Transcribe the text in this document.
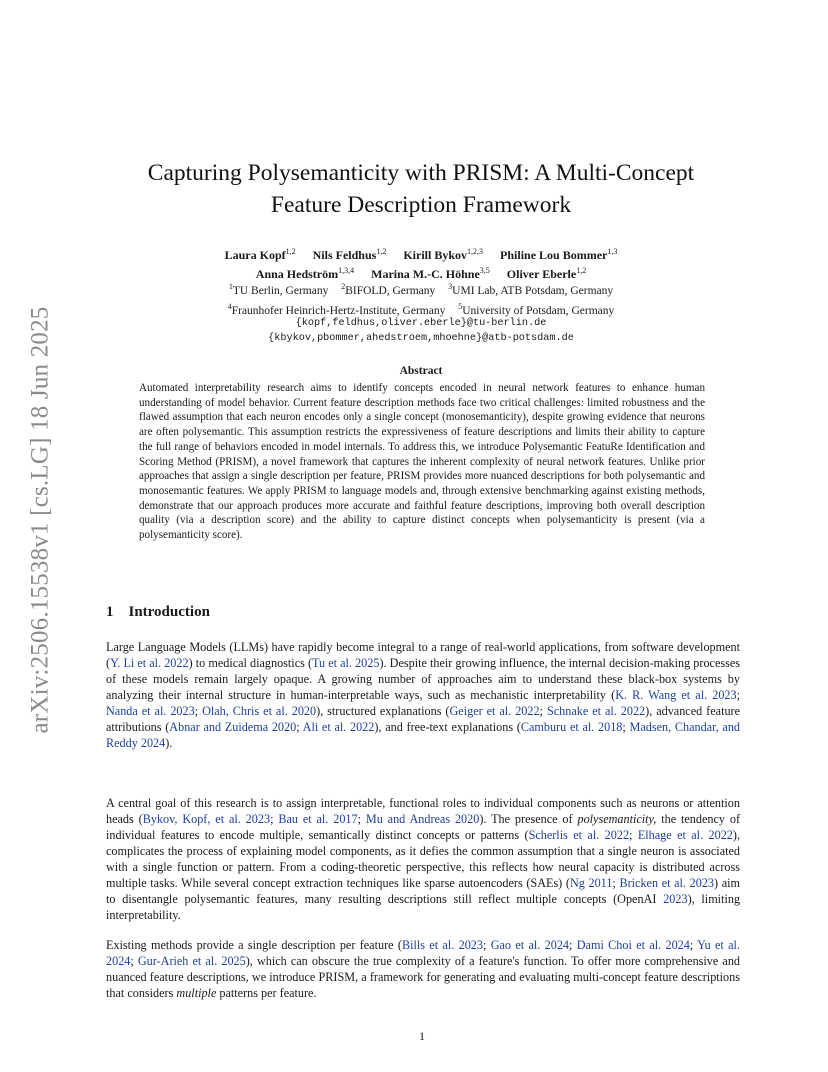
arXiv:2506.15538v1 [cs.LG] 18 Jun 2025
Capturing Polysemanticity with PRISM: A Multi-Concept
Feature Description Framework
Laura Kopf$^{1,2}$ Nils Feldhus$^{1,2}$ Kirill Bykov$^{1,2,3}$ Philine Lou Bommer$^{1,3}$
Anna Hedström$^{1,3,4}$ Marina M.-C. Höhne$^{3,5}$ Oliver Eberle$^{1,2}$
$^1$TU Berlin, Germany $^2$BIFOLD, Germany $^3$UMI Lab, ATB Potsdam, Germany
$^4$Fraunhofer Heinrich-Hertz-Institute, Germany $^5$University of Potsdam, Germany
{kopf,feldhus,oliver.eberle}@tu-berlin.de
{kbykov,pbommer,ahedstroem,mhoehne}@atb-potsdam.de
Abstract
Automated interpretability research aims to identify concepts encoded in neural network features to enhance human understanding of model behavior. Current feature description methods face two critical challenges: limited robustness and the flawed assumption that each neuron encodes only a single concept (monosemanticity), despite growing evidence that neurons are often polysemantic. This assumption restricts the expressiveness of feature descriptions and limits their ability to capture the full range of behaviors encoded in model internals. To address this, we introduce Polysemantic FeatuRe Identification and Scoring Method (PRISM), a novel framework that captures the inherent complexity of neural network features. Unlike prior approaches that assign a single description per feature, PRISM provides more nuanced descriptions for both polysemantic and monosemantic features. We apply PRISM to language models and, through extensive benchmarking against existing methods, demonstrate that our approach produces more accurate and faithful feature descriptions, improving both overall description quality (via a description score) and the ability to capture distinct concepts when polysemanticity is present (via a polysemanticity score).
1 Introduction
Large Language Models (LLMs) have rapidly become integral to a range of real-world applications, from software development (Y. Li et al. 2022) to medical diagnostics (Tu et al. 2025). Despite their growing influence, the internal decision-making processes of these models remain largely opaque. A growing number of approaches aim to understand these black-box systems by analyzing their internal structure in human-interpretable ways, such as mechanistic interpretability (K. R. Wang et al. 2023; Nanda et al. 2023; Olah, Chris et al. 2020), structured explanations (Geiger et al. 2022; Schnake et al. 2022), advanced feature attributions (Abnar and Zuidema 2020; Ali et al. 2022), and free-text explanations (Camburu et al. 2018; Madsen, Chandar, and Reddy 2024).
A central goal of this research is to assign interpretable, functional roles to individual components such as neurons or attention heads (Bykov, Kopf, et al. 2023; Bau et al. 2017; Mu and Andreas 2020). The presence of polysemanticity, the tendency of individual features to encode multiple, semantically distinct concepts or patterns (Scherlis et al. 2022; Elhage et al. 2022), complicates the process of explaining model components, as it defies the common assumption that a single neuron is associated with a single function or pattern. From a coding-theoretic perspective, this reflects how neural capacity is distributed across multiple tasks. While several concept extraction techniques like sparse autoencoders (SAEs) (Ng 2011; Bricken et al. 2023) aim to disentangle polysemantic features, many resulting descriptions still reflect multiple concepts (OpenAI 2023), limiting interpretability.
Existing methods provide a single description per feature (Bills et al. 2023; Gao et al. 2024; Dami Choi et al. 2024; Yu et al. 2024; Gur-Arieh et al. 2025), which can obscure the true complexity of a feature's function. To offer more comprehensive and nuanced feature descriptions, we introduce PRISM, a framework for generating and evaluating multi-concept feature descriptions that considers multiple patterns per feature.
1
